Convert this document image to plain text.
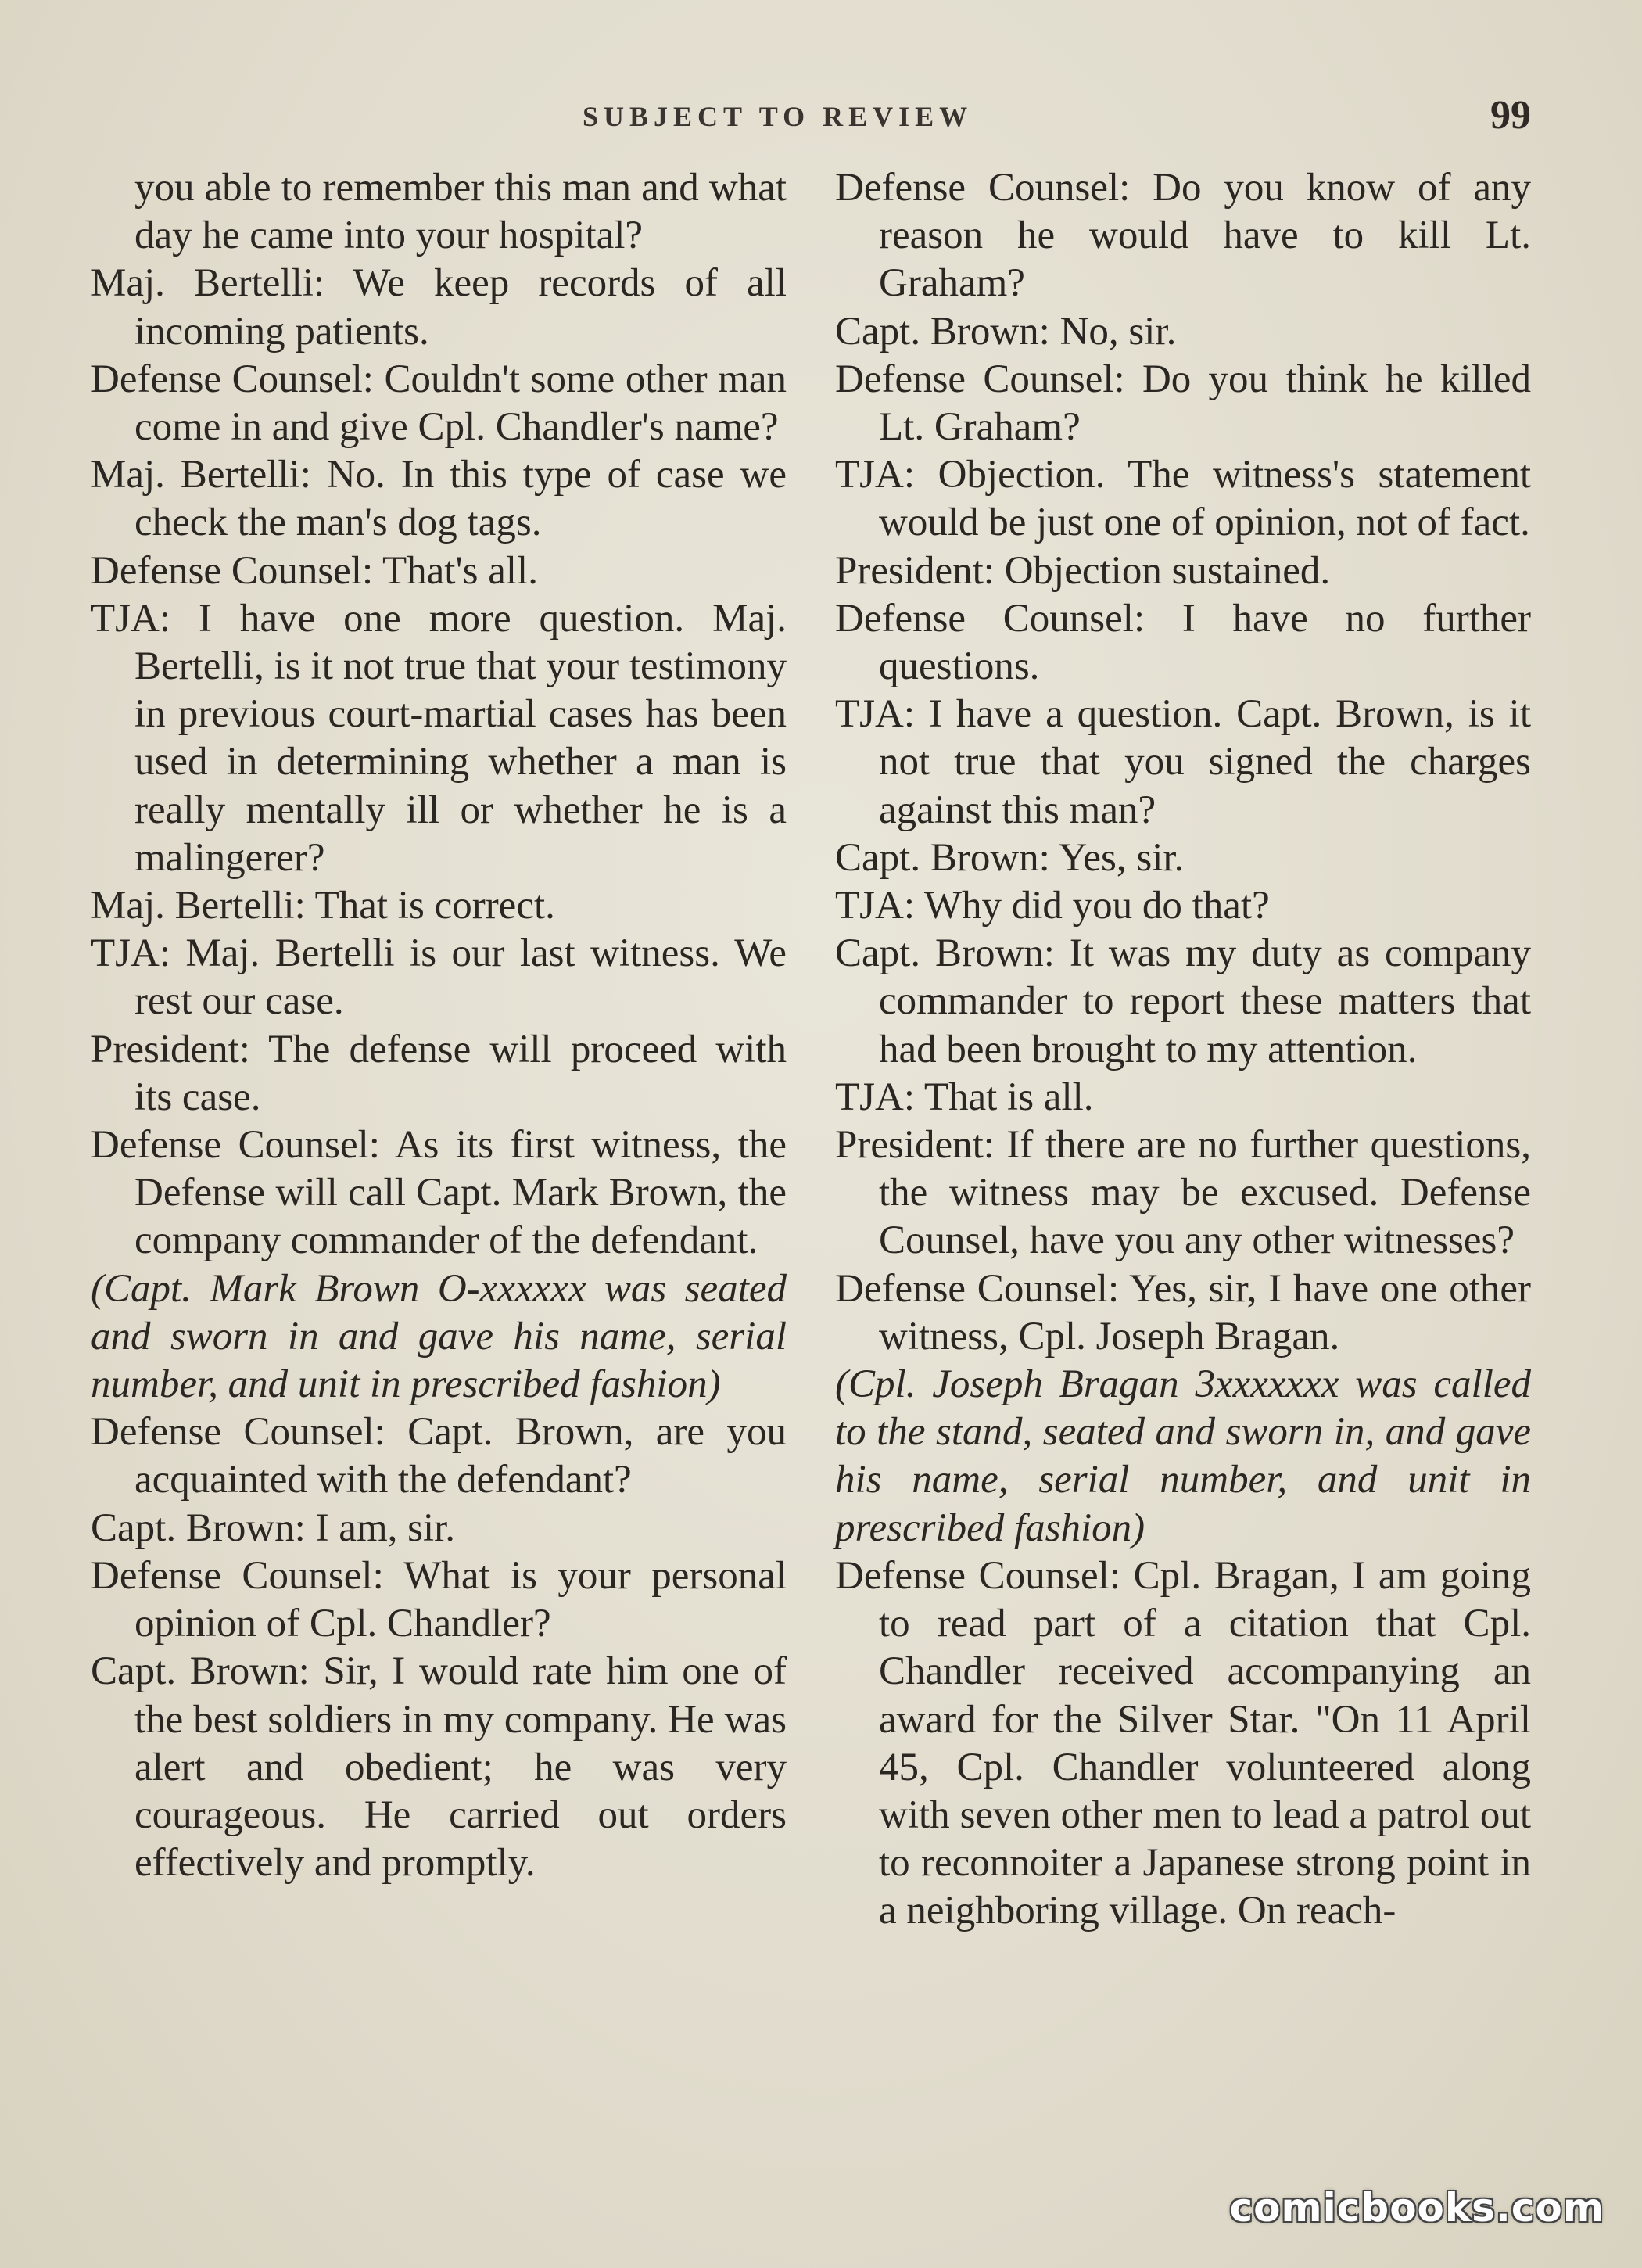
SUBJECT TO REVIEW	99

you able to remember this man and what day he came into your hospital?

Maj. Bertelli: We keep records of all incoming patients.

Defense Counsel: Couldn't some other man come in and give Cpl. Chandler's name?

Maj. Bertelli: No. In this type of case we check the man's dog tags.

Defense Counsel: That's all.

TJA: I have one more question. Maj. Bertelli, is it not true that your testimony in previous court-martial cases has been used in determining whether a man is really mentally ill or whether he is a malingerer?

Maj. Bertelli: That is correct.

TJA: Maj. Bertelli is our last witness. We rest our case.

President: The defense will proceed with its case.

Defense Counsel: As its first witness, the Defense will call Capt. Mark Brown, the company commander of the defendant.

(Capt. Mark Brown O-xxxxxx was seated and sworn in and gave his name, serial number, and unit in prescribed fashion)

Defense Counsel: Capt. Brown, are you acquainted with the defendant?

Capt. Brown: I am, sir.

Defense Counsel: What is your personal opinion of Cpl. Chandler?

Capt. Brown: Sir, I would rate him one of the best soldiers in my company. He was alert and obedient; he was very courageous. He carried out orders effectively and promptly.

Defense Counsel: Do you know of any reason he would have to kill Lt. Graham?

Capt. Brown: No, sir.

Defense Counsel: Do you think he killed Lt. Graham?

TJA: Objection. The witness's statement would be just one of opinion, not of fact.

President: Objection sustained.

Defense Counsel: I have no further questions.

TJA: I have a question. Capt. Brown, is it not true that you signed the charges against this man?

Capt. Brown: Yes, sir.

TJA: Why did you do that?

Capt. Brown: It was my duty as company commander to report these matters that had been brought to my attention.

TJA: That is all.

President: If there are no further questions, the witness may be excused. Defense Counsel, have you any other witnesses?

Defense Counsel: Yes, sir, I have one other witness, Cpl. Joseph Bragan.

(Cpl. Joseph Bragan 3xxxxxxx was called to the stand, seated and sworn in, and gave his name, serial number, and unit in prescribed fashion)

Defense Counsel: Cpl. Bragan, I am going to read part of a citation that Cpl. Chandler received accompanying an award for the Silver Star. "On 11 April 45, Cpl. Chandler volunteered along with seven other men to lead a patrol out to reconnoiter a Japanese strong point in a neighboring village. On reach-

comicbooks.com
